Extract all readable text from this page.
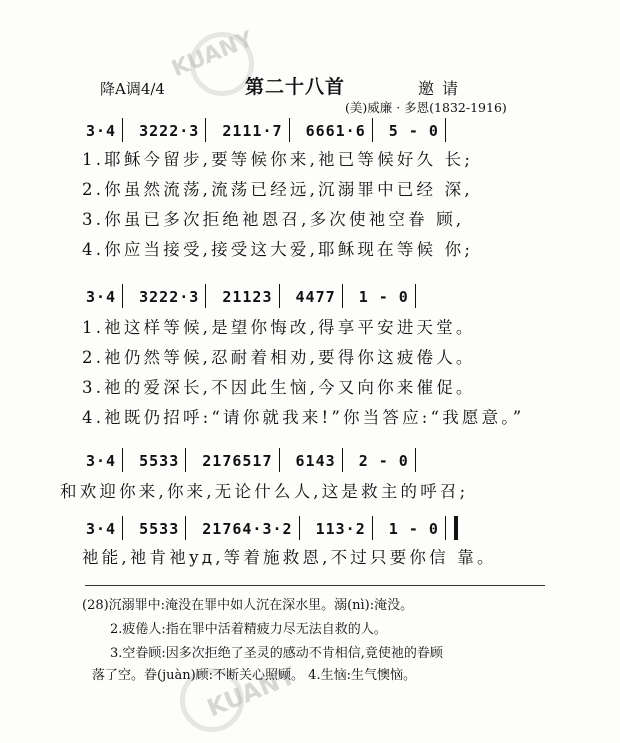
KUANY
KUANY
降A调4/4	第二十八首	邀请
(美)威廉 · 多恩(1832-1916)
3·4 3222·3 2111·7 6661·6 5 - 0
1.耶稣今留步,要等候你来,祂已等候好久 长;
2.你虽然流荡,流荡已经远,沉溺罪中已经 深,
3.你虽已多次拒绝祂恩召,多次使祂空眷 顾,
4.你应当接受,接受这大爱,耶稣现在等候 你;
3·4 3222·3 21123 4477 1 - 0
1.祂这样等候,是望你悔改,得享平安进天堂。
2.祂仍然等候,忍耐着相劝,要得你这疲倦人。
3.祂的爱深长,不因此生恼,今又向你来催促。
4.祂既仍招呼:“请你就我来!”你当答应:“我愿意。”
3·4 5533 2176517 6143 2 - 0
和欢迎你来,你来,无论什么人,这是救主的呼召;
3·4 5533 21764·3·2 113·2 1 - 0
祂能,祂肯祂уд,等着施救恩,不过只要你信 靠。
(28)沉溺罪中:淹没在罪中如人沉在深水里。溺(nì):淹没。
2.疲倦人:指在罪中活着精疲力尽无法自救的人。
3.空眷顾:因多次拒绝了圣灵的感动不肯相信,竟使祂的眷顾
落了空。眷(juàn)顾:不断关心照顾。 4.生恼:生气懊恼。
